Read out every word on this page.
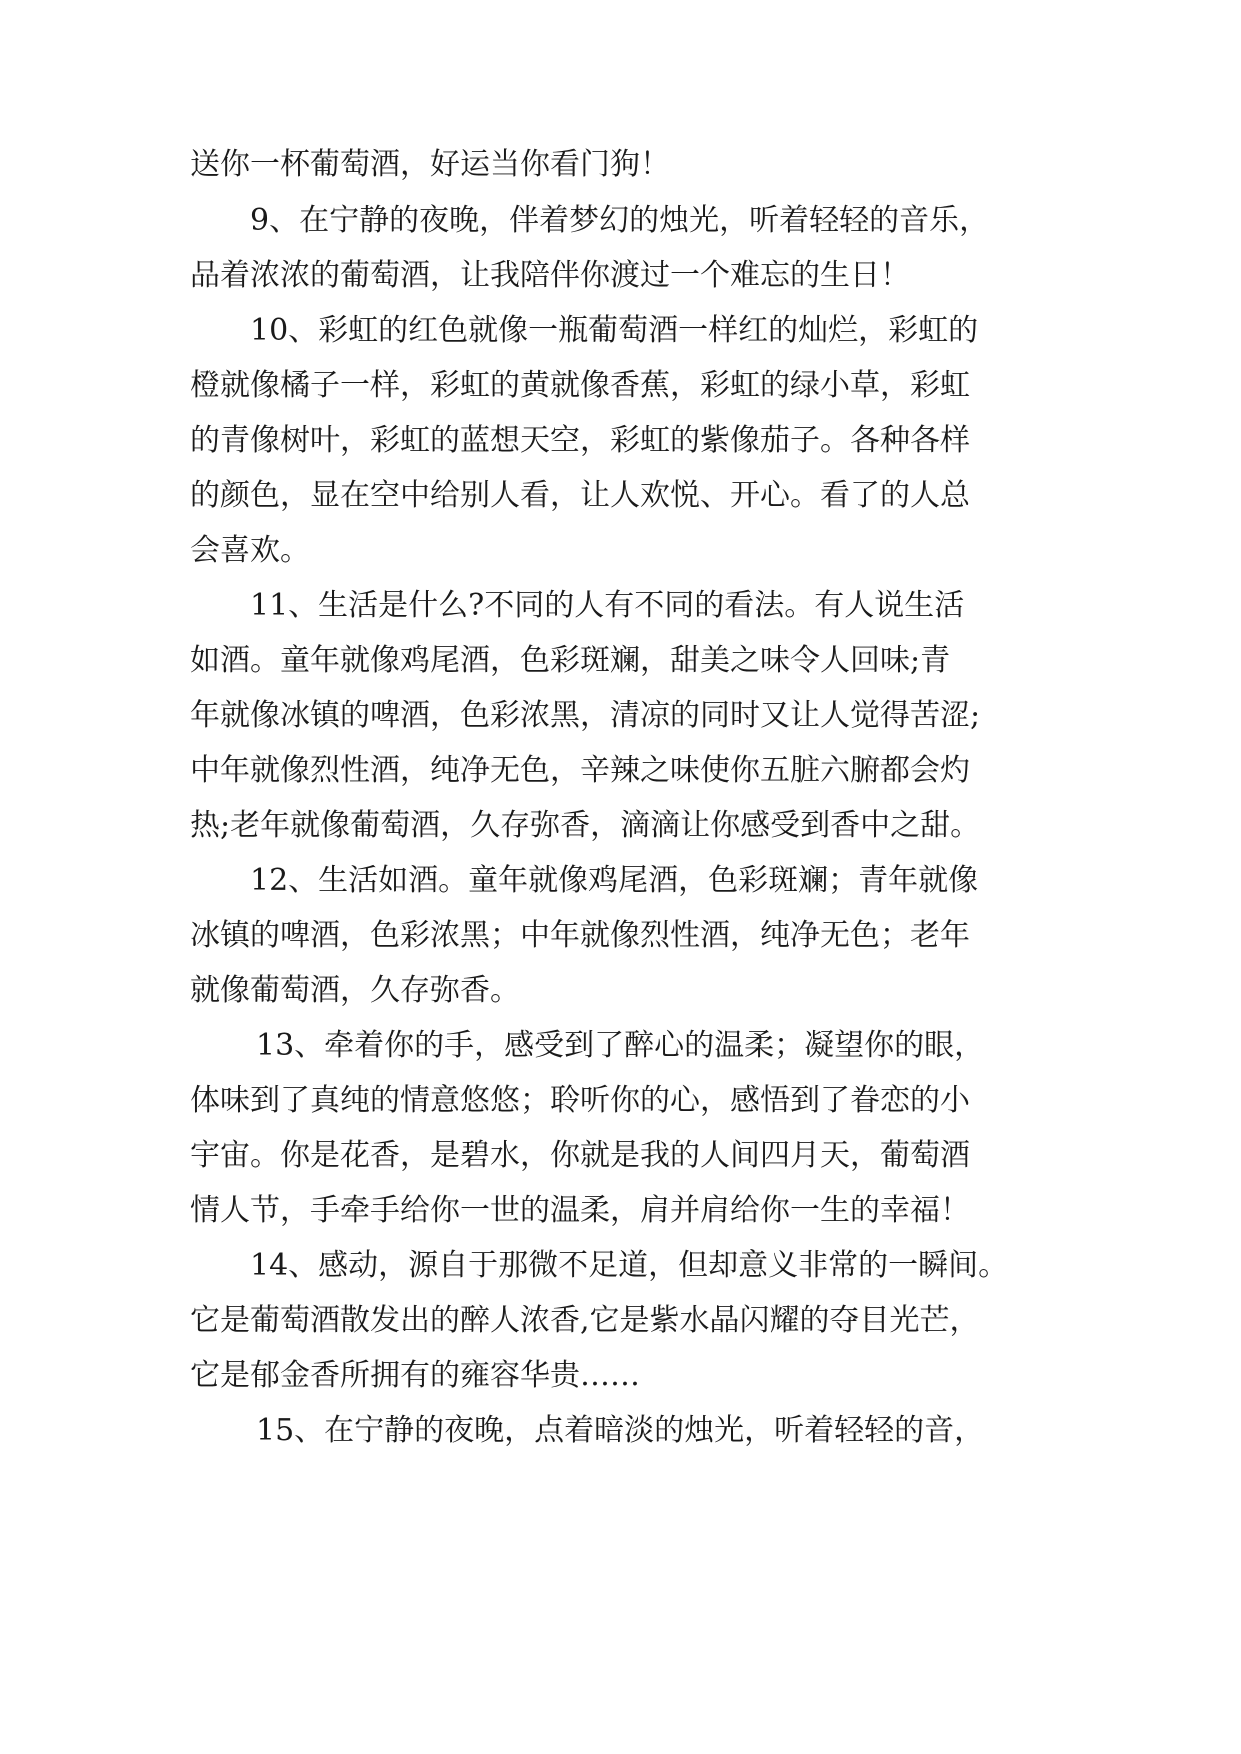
送你一杯葡萄酒，好运当你看门狗！
9、在宁静的夜晚，伴着梦幻的烛光，听着轻轻的音乐，
品着浓浓的葡萄酒，让我陪伴你渡过一个难忘的生日！
10、彩虹的红色就像一瓶葡萄酒一样红的灿烂，彩虹的
橙就像橘子一样，彩虹的黄就像香蕉，彩虹的绿小草，彩虹
的青像树叶，彩虹的蓝想天空，彩虹的紫像茄子。各种各样
的颜色，显在空中给别人看，让人欢悦、开心。看了的人总
会喜欢。
11、生活是什么?不同的人有不同的看法。有人说生活
如酒。童年就像鸡尾酒，色彩斑斓，甜美之味令人回味;青
年就像冰镇的啤酒，色彩浓黑，清凉的同时又让人觉得苦涩;
中年就像烈性酒，纯净无色，辛辣之味使你五脏六腑都会灼
热;老年就像葡萄酒，久存弥香，滴滴让你感受到香中之甜。
12、生活如酒。童年就像鸡尾酒，色彩斑斓；青年就像
冰镇的啤酒，色彩浓黑；中年就像烈性酒，纯净无色；老年
就像葡萄酒，久存弥香。
13、牵着你的手，感受到了醉心的温柔；凝望你的眼，
体味到了真纯的情意悠悠；聆听你的心，感悟到了眷恋的小
宇宙。你是花香，是碧水，你就是我的人间四月天，葡萄酒
情人节，手牵手给你一世的温柔，肩并肩给你一生的幸福！
14、感动，源自于那微不足道，但却意义非常的一瞬间。
它是葡萄酒散发出的醉人浓香,它是紫水晶闪耀的夺目光芒，
它是郁金香所拥有的雍容华贵……
15、在宁静的夜晚，点着暗淡的烛光，听着轻轻的音，
